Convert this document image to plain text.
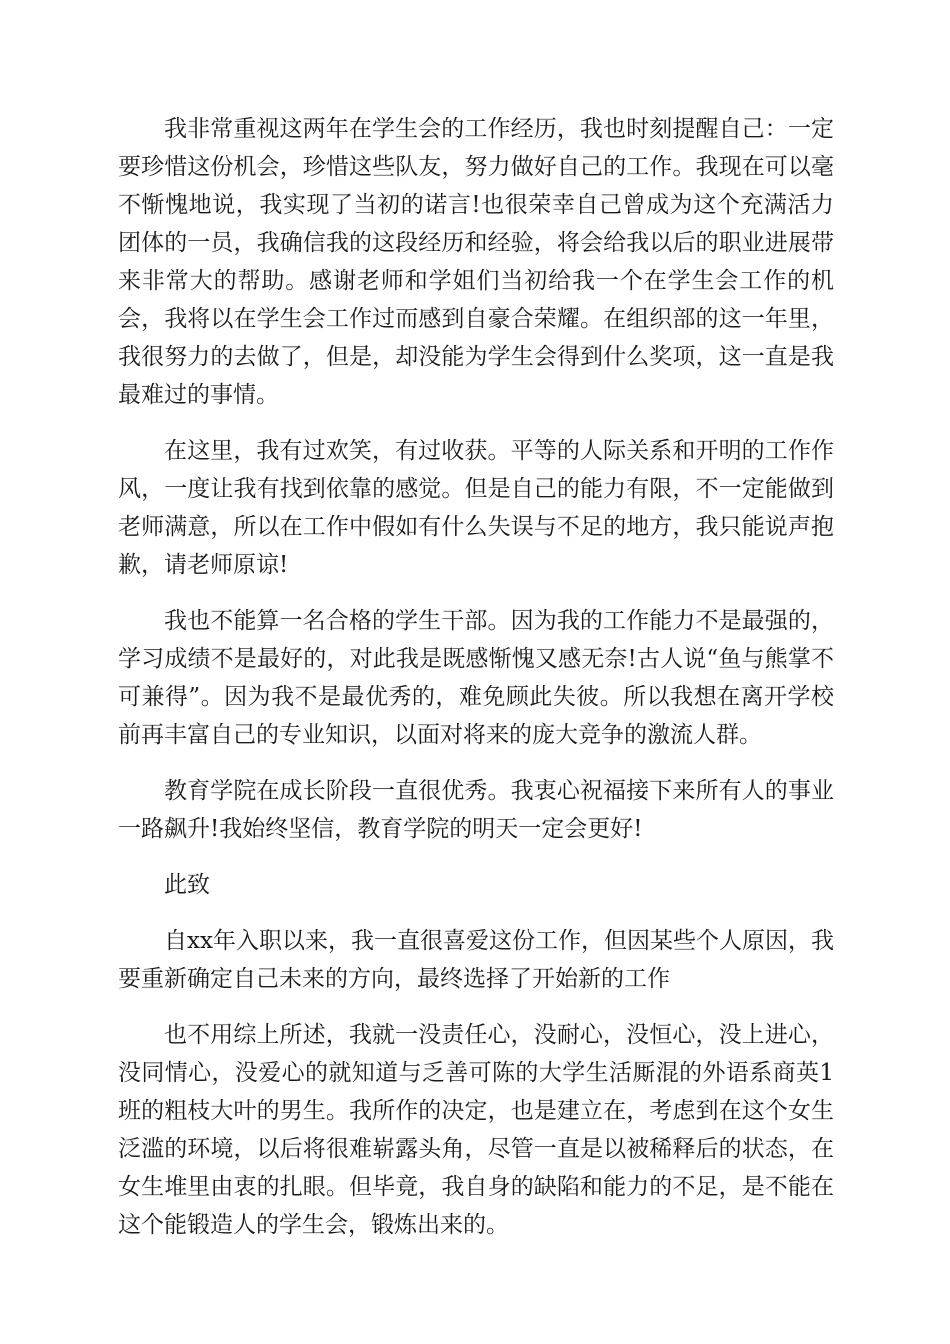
我非常重视这两年在学生会的工作经历，我也时刻提醒自己：一定要珍惜这份机会，珍惜这些队友，努力做好自己的工作。我现在可以毫不惭愧地说，我实现了当初的诺言!也很荣幸自己曾成为这个充满活力团体的一员，我确信我的这段经历和经验，将会给我以后的职业进展带来非常大的帮助。感谢老师和学姐们当初给我一个在学生会工作的机会，我将以在学生会工作过而感到自豪合荣耀。在组织部的这一年里，我很努力的去做了，但是，却没能为学生会得到什么奖项，这一直是我最难过的事情。

在这里，我有过欢笑，有过收获。平等的人际关系和开明的工作作风，一度让我有找到依靠的感觉。但是自己的能力有限，不一定能做到老师满意，所以在工作中假如有什么失误与不足的地方，我只能说声抱歉，请老师原谅!

我也不能算一名合格的学生干部。因为我的工作能力不是最强的，学习成绩不是最好的，对此我是既感惭愧又感无奈!古人说“鱼与熊掌不可兼得”。因为我不是最优秀的，难免顾此失彼。所以我想在离开学校前再丰富自己的专业知识，以面对将来的庞大竞争的激流人群。

教育学院在成长阶段一直很优秀。我衷心祝福接下来所有人的事业一路飙升!我始终坚信，教育学院的明天一定会更好!

此致

自xx年入职以来，我一直很喜爱这份工作，但因某些个人原因，我要重新确定自己未来的方向，最终选择了开始新的工作

也不用综上所述，我就一没责任心，没耐心，没恒心，没上进心，没同情心，没爱心的就知道与乏善可陈的大学生活厮混的外语系商英1班的粗枝大叶的男生。我所作的决定，也是建立在，考虑到在这个女生泛滥的环境，以后将很难崭露头角，尽管一直是以被稀释后的状态，在女生堆里由衷的扎眼。但毕竟，我自身的缺陷和能力的不足，是不能在这个能锻造人的学生会，锻炼出来的。
